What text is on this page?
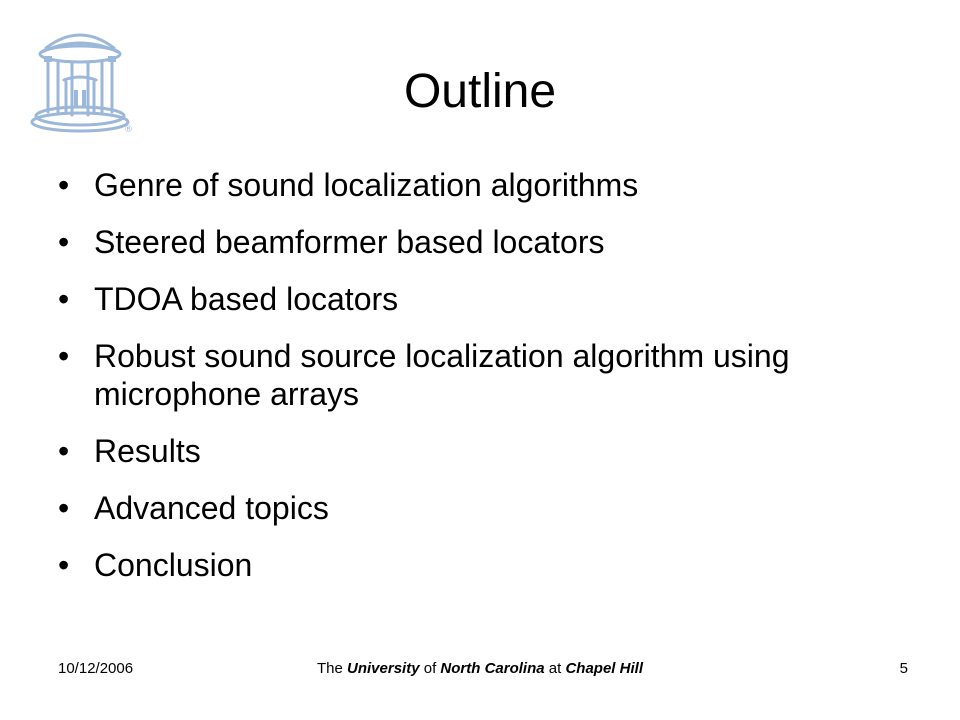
®
Outline
• Genre of sound localization algorithms
• Steered beamformer based locators
• TDOA based locators
• Robust sound source localization algorithm using microphone arrays
• Results
• Advanced topics
• Conclusion
10/12/2006	The University of North Carolina at Chapel Hill	5
